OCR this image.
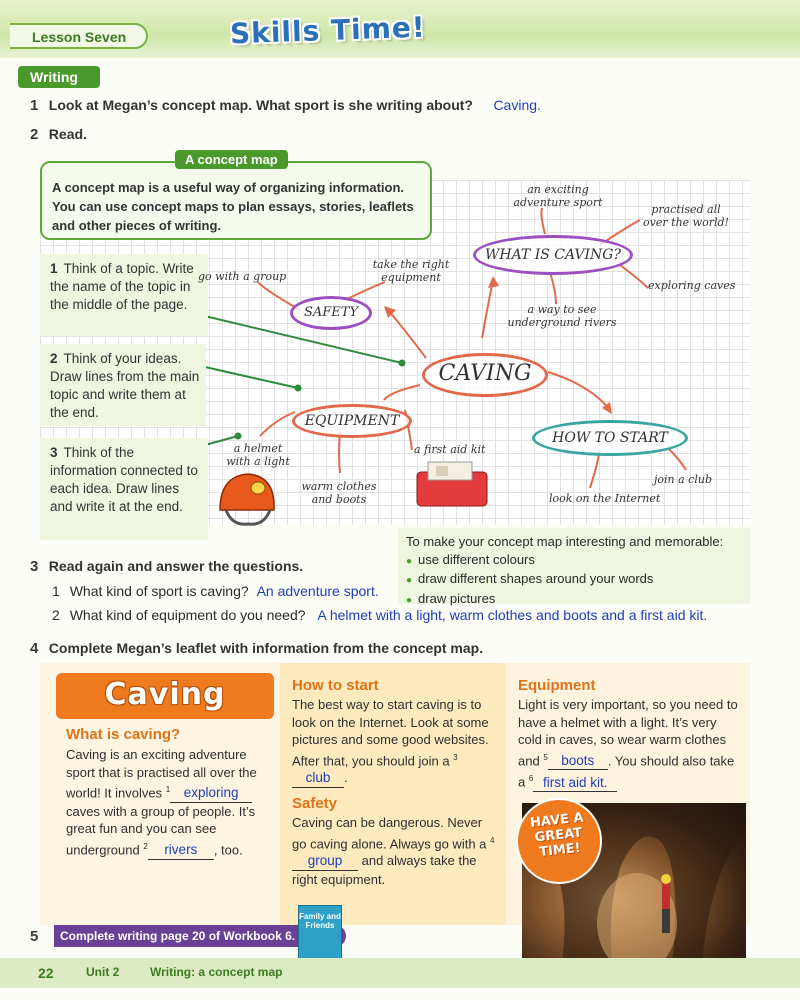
Lesson Seven	Skills Time!
Writing
1 Look at Megan’s concept map. What sport is she writing about? Caving.
2 Read.
A concept map is a useful way of organizing information. You can use concept maps to plan essays, stories, leaflets and other pieces of writing.
A concept map
1 Think of a topic. Write the name of the topic in the middle of the page.
2 Think of your ideas. Draw lines from the main topic and write them at the end.
3 Think of the information connected to each idea. Draw lines and write it at the end.
CAVING
WHAT IS CAVING?
SAFETY
EQUIPMENT
HOW TO START
an exciting adventure sport
practised all over the world!
exploring caves
a way to see underground rivers
go with a group
take the right equipment
a helmet with a light
warm clothes and boots
a first aid kit
join a club
look on the Internet
To make your concept map interesting and memorable:
● use different colours
● draw different shapes around your words
● draw pictures
3 Read again and answer the questions.
1 What kind of sport is caving? An adventure sport.
2 What kind of equipment do you need? A helmet with a light, warm clothes and boots and a first aid kit.
4 Complete Megan’s leaflet with information from the concept map.
Caving
What is caving?
Caving is an exciting adventure sport that is practised all over the world! It involves $^1$ exploring caves with a group of people. It’s great fun and you can see underground $^2$ rivers , too.
How to start
The best way to start caving is to look on the Internet. Look at some pictures and some good websites. After that, you should join a $^3$club .
Safety
Caving can be dangerous. Never go caving alone. Always go with a $^4$group and always take the right equipment.
Equipment
Light is very important, so you need to have a helmet with a light. It’s very cold in caves, so wear warm clothes and $^5$ boots . You should also take a $^6$ first aid kit.
HAVE A GREAT TIME!
5	Complete writing page 20 of Workbook 6.
Family and Friends
22	Unit 2	Writing: a concept map
